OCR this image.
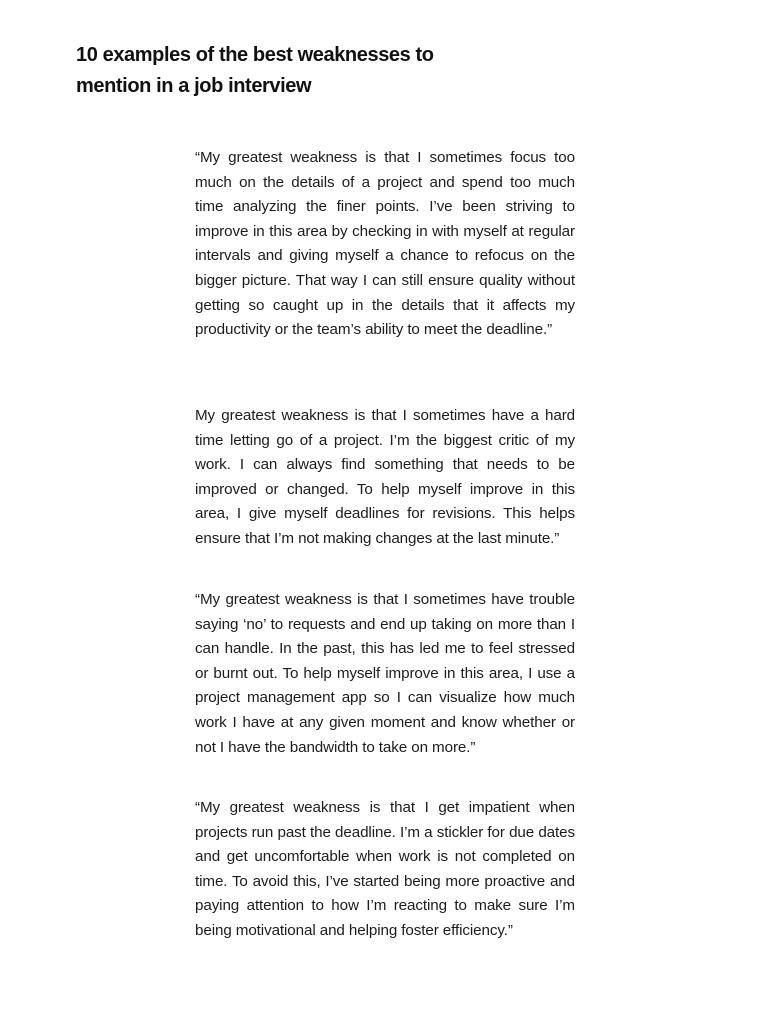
10 examples of the best weaknesses to mention in a job interview

“My greatest weakness is that I sometimes focus too much on the details of a project and spend too much time analyzing the finer points. I’ve been striving to improve in this area by checking in with myself at regular intervals and giving myself a chance to refocus on the bigger picture. That way I can still ensure quality without getting so caught up in the details that it affects my productivity or the team’s ability to meet the deadline.”

My greatest weakness is that I sometimes have a hard time letting go of a project. I’m the biggest critic of my work. I can always find something that needs to be improved or changed. To help myself improve in this area, I give myself deadlines for revisions. This helps ensure that I’m not making changes at the last minute.”

“My greatest weakness is that I sometimes have trouble saying ‘no’ to requests and end up taking on more than I can handle. In the past, this has led me to feel stressed or burnt out. To help myself improve in this area, I use a project management app so I can visualize how much work I have at any given moment and know whether or not I have the bandwidth to take on more.”

“My greatest weakness is that I get impatient when projects run past the deadline. I’m a stickler for due dates and get uncomfortable when work is not completed on time. To avoid this, I’ve started being more proactive and paying attention to how I’m reacting to make sure I’m being motivational and helping foster efficiency.”
